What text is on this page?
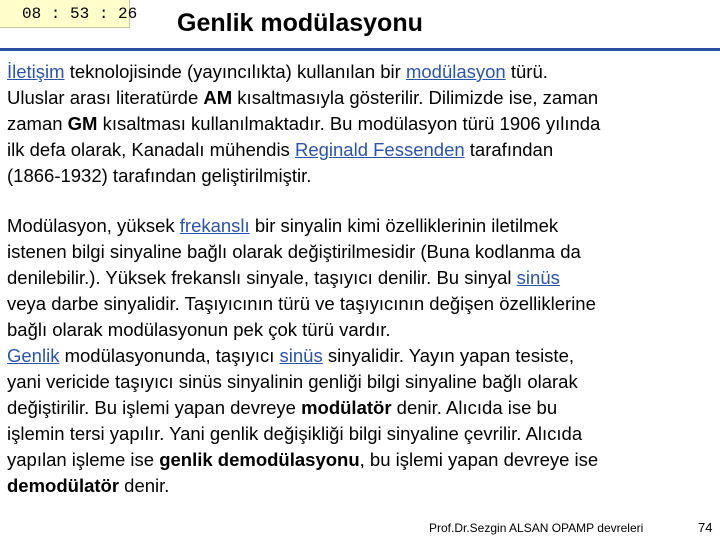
08 : 53 : 26 Genlik modülasyonu

İletişim teknolojisinde (yayıncılıkta) kullanılan bir modülasyon türü.
Uluslar arası literatürde AM kısaltmasıyla gösterilir. Dilimizde ise, zaman
zaman GM kısaltması kullanılmaktadır. Bu modülasyon türü 1906 yılında
ilk defa olarak, Kanadalı mühendis Reginald Fessenden tarafından
(1866-1932) tarafından geliştirilmiştir.

Modülasyon, yüksek frekanslı bir sinyalin kimi özelliklerinin iletilmek
istenen bilgi sinyaline bağlı olarak değiştirilmesidir (Buna kodlanma da
denilebilir.). Yüksek frekanslı sinyale, taşıyıcı denilir. Bu sinyal sinüs
veya darbe sinyalidir. Taşıyıcının türü ve taşıyıcının değişen özelliklerine
bağlı olarak modülasyonun pek çok türü vardır.
Genlik modülasyonunda, taşıyıcı sinüs sinyalidir. Yayın yapan tesiste,
yani vericide taşıyıcı sinüs sinyalinin genliği bilgi sinyaline bağlı olarak
değiştirilir. Bu işlemi yapan devreye modülatör denir. Alıcıda ise bu
işlemin tersi yapılır. Yani genlik değişikliği bilgi sinyaline çevrilir. Alıcıda
yapılan işleme ise genlik demodülasyonu, bu işlemi yapan devreye ise
demodülatör denir.

Prof.Dr.Sezgin ALSAN OPAMP devreleri	74
